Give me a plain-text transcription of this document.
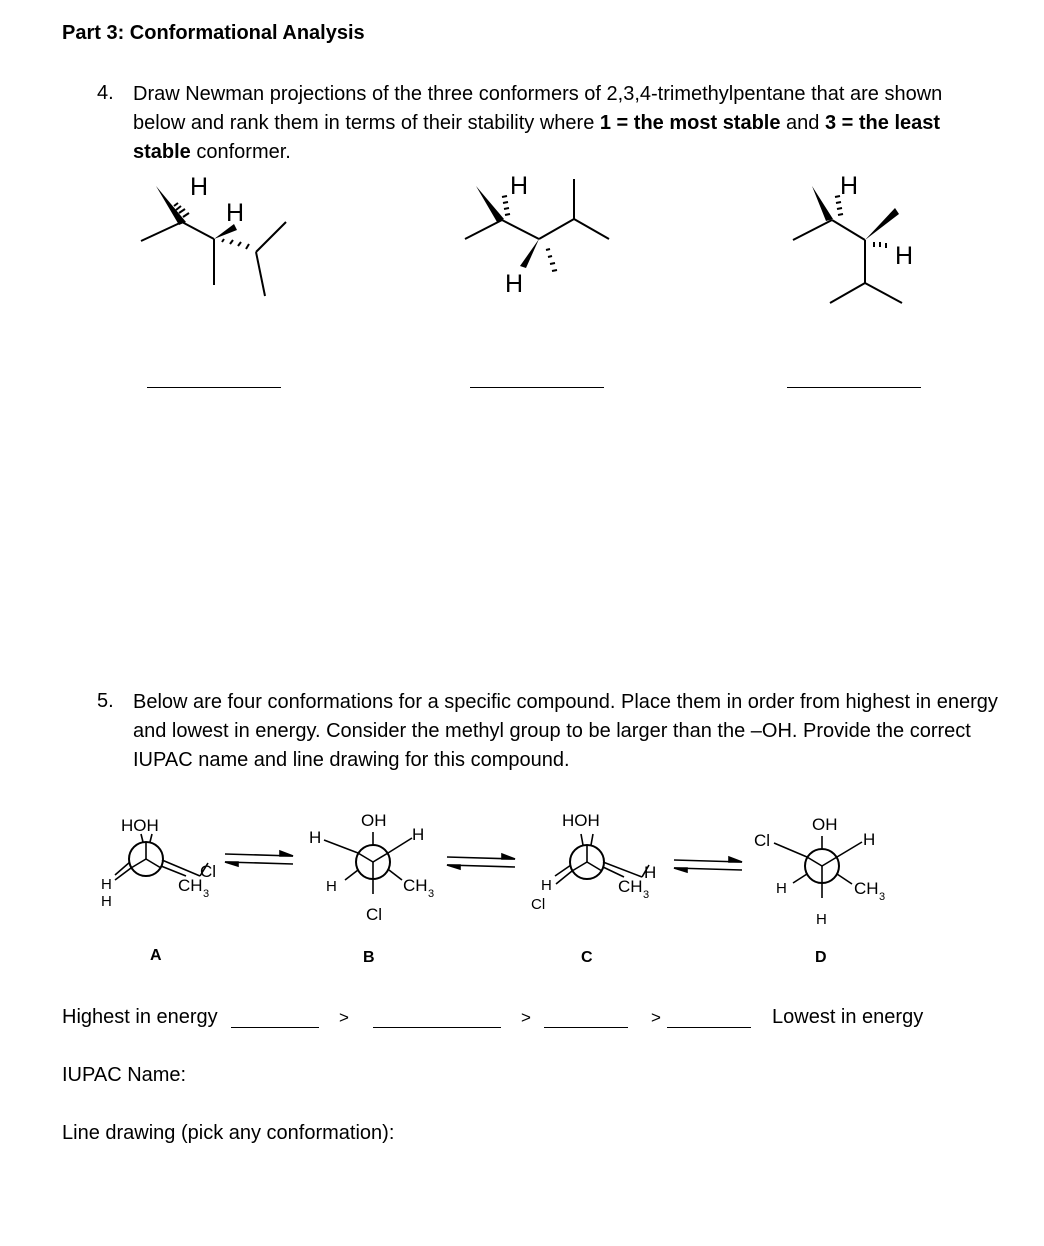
Part 3: Conformational Analysis
4. Draw Newman projections of the three conformers of 2,3,4-trimethylpentane that are shown below and rank them in terms of their stability where 1 = the most stable and 3 = the least stable conformer.
H
H
H
H
H
H
HOH
H
H
CH 3
Cl
A
OH
H	H
H	CH 3
Cl
B
HOH
H
Cl
CH 3
H
C
OH
Cl	H
H	CH 3
H
D
5. Below are four conformations for a specific compound. Place them in order from highest in energy and lowest in energy. Consider the methyl group to be larger than the –OH. Provide the correct IUPAC name and line drawing for this compound.
Highest in energy	>	>	>	Lowest in energy
IUPAC Name:
Line drawing (pick any conformation):
